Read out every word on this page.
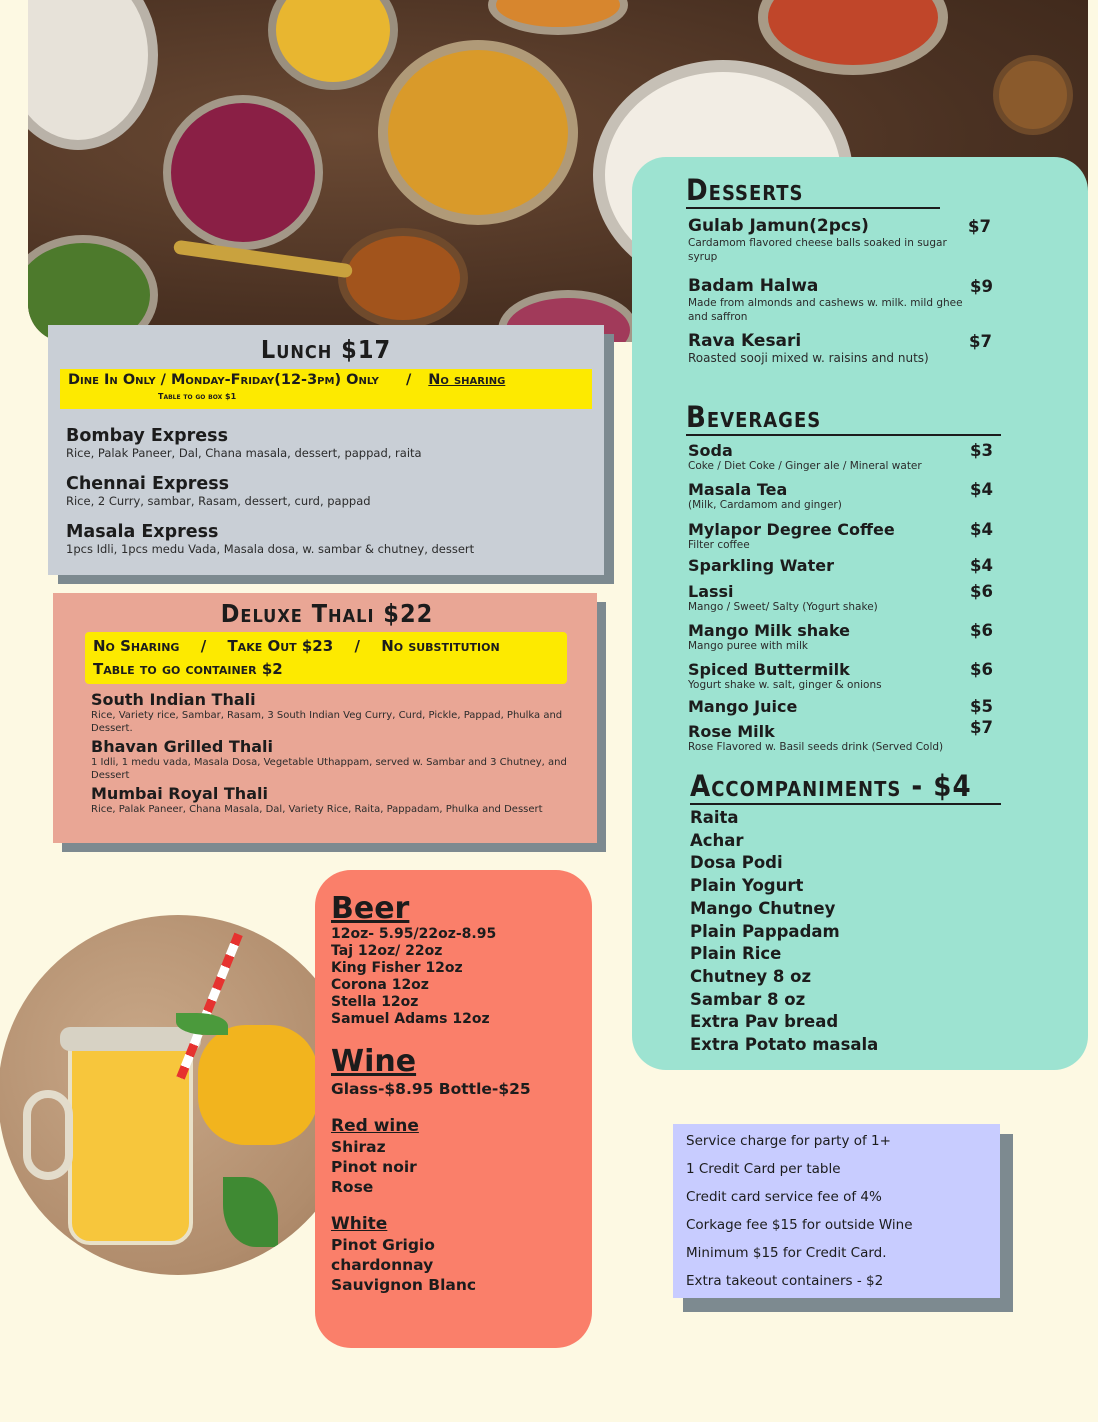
Lunch $17
Dine In Only / Monday-Friday(12-3pm) Only / No sharing
Table to go box $1
Bombay Express
Rice, Palak Paneer, Dal, Chana masala, dessert, pappad, raita
Chennai Express
Rice, 2 Curry, sambar, Rasam, dessert, curd, pappad
Masala Express
1pcs Idli, 1pcs medu Vada, Masala dosa, w. sambar & chutney, dessert
Deluxe Thali $22
No Sharing / Take Out $23 / No substitution
Table to go container $2
South Indian Thali
Rice, Variety rice, Sambar, Rasam, 3 South Indian Veg Curry, Curd, Pickle, Pappad, Phulka and Dessert.
Bhavan Grilled Thali
1 Idli, 1 medu vada, Masala Dosa, Vegetable Uthappam, served w. Sambar and 3 Chutney, and Dessert
Mumbai Royal Thali
Rice, Palak Paneer, Chana Masala, Dal, Variety Rice, Raita, Pappadam, Phulka and Dessert
Desserts
Gulab Jamun(2pcs)
Cardamom flavored cheese balls soaked in sugar syrup
$7
Badam Halwa
Made from almonds and cashews w. milk. mild ghee and saffron
$9
Rava Kesari
Roasted sooji mixed w. raisins and nuts)
$7
Beverages
Soda
Coke / Diet Coke / Ginger ale / Mineral water
$3
Masala Tea
(Milk, Cardamom and ginger)
$4
Mylapor Degree Coffee
Filter coffee
$4
Sparkling Water	$4
Lassi
Mango / Sweet/ Salty (Yogurt shake)
$6
Mango Milk shake
Mango puree with milk
$6
Spiced Buttermilk
Yogurt shake w. salt, ginger & onions
$6
Mango Juice	$5
Rose Milk
Rose Flavored w. Basil seeds drink (Served Cold)
$7
Accompaniments - $4
Raita
Achar
Dosa Podi
Plain Yogurt
Mango Chutney
Plain Pappadam
Plain Rice
Chutney 8 oz
Sambar 8 oz
Extra Pav bread
Extra Potato masala
Beer
12oz- 5.95/22oz-8.95
Taj 12oz/ 22oz
King Fisher 12oz
Corona 12oz
Stella 12oz
Samuel Adams 12oz
Wine
Glass-$8.95 Bottle-$25
Red wine
Shiraz
Pinot noir
Rose
White
Pinot Grigio
chardonnay
Sauvignon Blanc
Service charge for party of 1+
1 Credit Card per table
Credit card service fee of 4%
Corkage fee $15 for outside Wine
Minimum $15 for Credit Card.
Extra takeout containers - $2
